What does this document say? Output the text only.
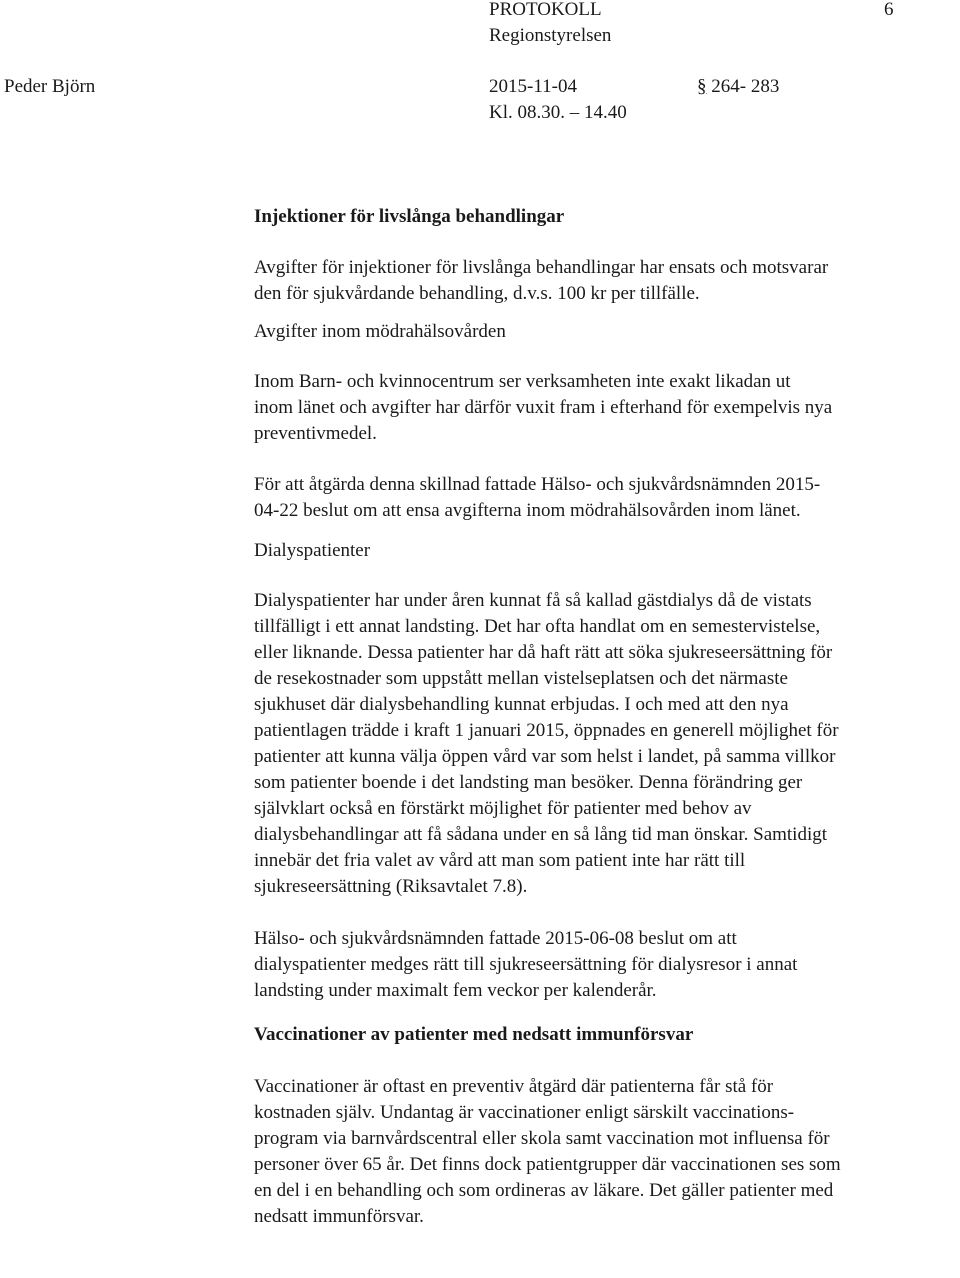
PROTOKOLL
Regionstyrelsen
6
Peder Björn	2015-11-04
Kl. 08.30. – 14.40
§ 264- 283
Injektioner för livslånga behandlingar

Avgifter för injektioner för livslånga behandlingar har ensats och motsvarar
den för sjukvårdande behandling, d.v.s. 100 kr per tillfälle.

Avgifter inom mödrahälsovården

Inom Barn- och kvinnocentrum ser verksamheten inte exakt likadan ut
inom länet och avgifter har därför vuxit fram i efterhand för exempelvis nya
preventivmedel.

För att åtgärda denna skillnad fattade Hälso- och sjukvårdsnämnden 2015-
04-22 beslut om att ensa avgifterna inom mödrahälsovården inom länet.

Dialyspatienter

Dialyspatienter har under åren kunnat få så kallad gästdialys då de vistats
tillfälligt i ett annat landsting. Det har ofta handlat om en semestervistelse,
eller liknande. Dessa patienter har då haft rätt att söka sjukreseersättning för
de resekostnader som uppstått mellan vistelseplatsen och det närmaste
sjukhuset där dialysbehandling kunnat erbjudas. I och med att den nya
patientlagen trädde i kraft 1 januari 2015, öppnades en generell möjlighet för
patienter att kunna välja öppen vård var som helst i landet, på samma villkor
som patienter boende i det landsting man besöker. Denna förändring ger
självklart också en förstärkt möjlighet för patienter med behov av
dialysbehandlingar att få sådana under en så lång tid man önskar. Samtidigt
innebär det fria valet av vård att man som patient inte har rätt till
sjukreseersättning (Riksavtalet 7.8).

Hälso- och sjukvårdsnämnden fattade 2015-06-08 beslut om att
dialyspatienter medges rätt till sjukreseersättning för dialysresor i annat
landsting under maximalt fem veckor per kalenderår.

Vaccinationer av patienter med nedsatt immunförsvar

Vaccinationer är oftast en preventiv åtgärd där patienterna får stå för
kostnaden själv. Undantag är vaccinationer enligt särskilt vaccinations-
program via barnvårdscentral eller skola samt vaccination mot influensa för
personer över 65 år. Det finns dock patientgrupper där vaccinationen ses som
en del i en behandling och som ordineras av läkare. Det gäller patienter med
nedsatt immunförsvar.
